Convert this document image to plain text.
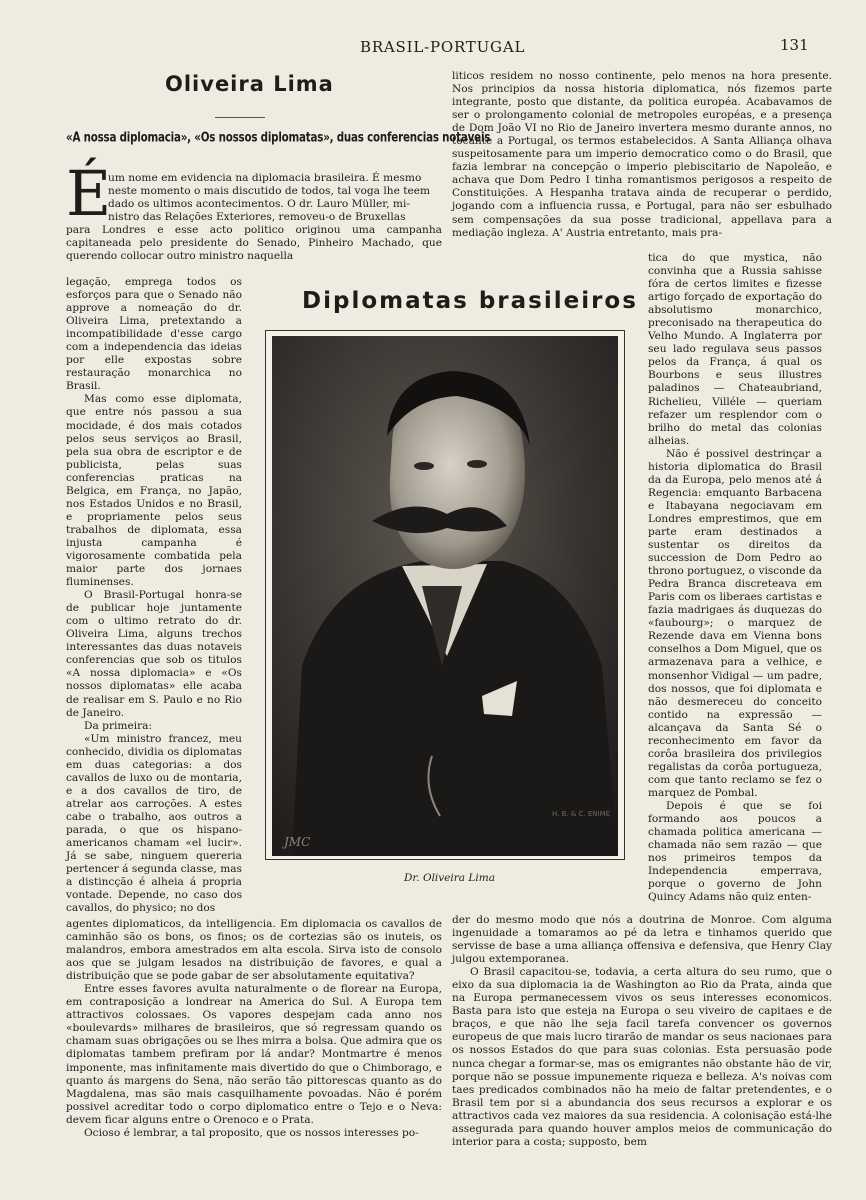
BRASIL-PORTUGAL	131
Oliveira Lima
«A nossa diplomacia», «Os nossos diplomatas», duas conferencias notaveis
É
um nome em evidencia na diplomacia brasileira. É mesmo
neste momento o mais discutido de todos, tal voga lhe teem
dado os ultimos acontecimentos. O dr. Lauro Müller, mi-
nistro das Relações Exteriores, removeu-o de Bruxellas

para Londres e esse acto politico originou uma campanha capitaneada pelo presidente do Senado, Pinheiro Machado, que querendo collocar outro ministro naquella

legação, emprega todos os esforços para que o Senado não approve a nomeação do dr. Oliveira Lima, pretextando a incompatibilidade d'esse cargo com a independencia das ideias por elle expostas sobre restauração monarchica no Brasil.

Mas como esse diplomata, que entre nós passou a sua mocidade, é dos mais cotados pelos seus serviços ao Brasil, pela sua obra de escriptor e de publicista, pelas suas conferencias praticas na Belgica, em França, no Japão, nos Estados Unidos e no Brasil, e propriamente pelos seus trabalhos de diplomata, essa injusta campanha é vigorosamente combatida pela maior parte dos jornaes fluminenses.

O Brasil-Portugal honra-se de publicar hoje juntamente com o ultimo retrato do dr. Oliveira Lima, alguns trechos interessantes das duas notaveis conferencias que sob os titulos «A nossa diplomacia» e «Os nossos diplomatas» elle acaba de realisar em S. Paulo e no Rio de Janeiro.

Da primeira:

«Um ministro francez, meu conhecido, dividia os diplomatas em duas categorias: a dos cavallos de luxo ou de montaria, e a dos cavallos de tiro, de atrelar aos carroções. A estes cabe o trabalho, aos outros a parada, o que os hispano-americanos chamam «el lucir». Já se sabe, ninguem quereria pertencer á segunda classe, mas a distincção é alheia á propria vontade. Depende, no caso dos cavallos, do physico; no dos

agentes diplomaticos, da intelligencia. Em diplomacia os cavallos de caminhão são os bons, os finos; os de cortezias são os inuteis, os malandros, embora amestrados em alta escola. Sirva isto de consolo aos que se julgam lesados na distribuição de favores, e qual a distribuição que se pode gabar de ser absolutamente equitativa?

Entre esses favores avulta naturalmente o de florear na Europa, em contraposição a londrear na America do Sul. A Europa tem attractivos colossaes. Os vapores despejam cada anno nos «boulevards» milhares de brasileiros, que só regressam quando os chamam suas obrigações ou se lhes mirra a bolsa. Que admira que os diplomatas tambem prefiram por lá andar? Montmartre é menos imponente, mas infinitamente mais divertido do que o Chimborago, e quanto ás margens do Sena, não serão tão pittorescas quanto as do Magdalena, mas são mais casquilhamente povoadas. Não é porém possivel acreditar todo o corpo diplomatico entre o Tejo e o Neva: devem ficar alguns entre o Orenoco e o Prata.

Ocioso é lembrar, a tal proposito, que os nossos interesses po-

liticos residem no nosso continente, pelo menos na hora presente. Nos principios da nossa historia diplomatica, nós fizemos parte integrante, posto que distante, da politica européa. Acabavamos de ser o prolongamento colonial de metropoles européas, e a presença de Dom João VI no Rio de Janeiro invertera mesmo durante annos, no tocante a Portugal, os termos estabelecidos. A Santa Alliança olhava suspeitosamente para um imperio democratico como o do Brasil, que fazia lembrar na concepção o imperio plebiscitario de Napoleão, e achava que Dom Pedro I tinha romantismos perigosos a respeito de Constituições. A Hespanha tratava ainda de recuperar o perdido, jogando com a influencia russa, e Portugal, para não ser esbulhado sem compensações da sua posse tradicional, appellava para a mediação ingleza. A' Austria entretanto, mais pra-

Diplomatas brasileiros
H. B. & C. ENIME
JMC
Dr. Oliveira Lima

tica do que mystica, não convinha que a Russia sahisse fóra de certos limites e fizesse artigo forçado de exportação do absolutismo monarchico, preconisado na therapeutica do Velho Mundo. A Inglaterra por seu lado regulava seus passos pelos da França, á qual os Bourbons e seus illustres paladinos — Chateaubriand, Richelieu, Villéle — queriam refazer um resplendor com o brilho do metal das colonias alheias.

Não é possivel destrinçar a historia diplomatica do Brasil da da Europa, pelo menos até á Regencia: emquanto Barbacena e Itabayana negociavam em Londres emprestimos, que em parte eram destinados a sustentar os direitos da succession de Dom Pedro ao throno portuguez, o visconde da Pedra Branca discreteava em Paris com os liberaes cartistas e fazia madrigaes ás duquezas do «faubourg»; o marquez de Rezende dava em Vienna bons conselhos a Dom Miguel, que os armazenava para a velhice, e monsenhor Vidigal — um padre, dos nossos, que foi diplomata e não desmereceu do conceito contido na expressão — alcançava da Santa Sé o reconhecimento em favor da corôa brasileira dos privilegios regalistas da corôa portugueza, com que tanto reclamo se fez o marquez de Pombal.

Depois é que se foi formando aos poucos a chamada politica americana — chamada não sem razão — que nos primeiros tempos da Independencia emperrava, porque o governo de John Quincy Adams não quiz enten-

der do mesmo modo que nós a doutrina de Monroe. Com alguma ingenuidade a tomaramos ao pé da letra e tinhamos querido que servisse de base a uma alliança offensiva e defensiva, que Henry Clay julgou extemporanea.

O Brasil capacitou-se, todavia, a certa altura do seu rumo, que o eixo da sua diplomacia ia de Washington ao Rio da Prata, ainda que na Europa permanecessem vivos os seus interesses economicos. Basta para isto que esteja na Europa o seu viveiro de capitaes e de braços, e que não lhe seja facil tarefa convencer os governos europeus de que mais lucro tirarão de mandar os seus nacionaes para os nossos Estados do que para suas colonias. Esta persuasão pode nunca chegar a formar-se, mas os emigrantes não obstante hão de vir, porque não se possue impunemente riqueza e belleza. A's noivas com taes predicados combinados não ha meio de faltar pretendentes, e o Brasil tem por si a abundancia dos seus recursos a explorar e os attractivos cada vez maiores da sua residencia. A colonisação está-lhe assegurada para quando houver amplos meios de communicação do interior para a costa; supposto, bem
